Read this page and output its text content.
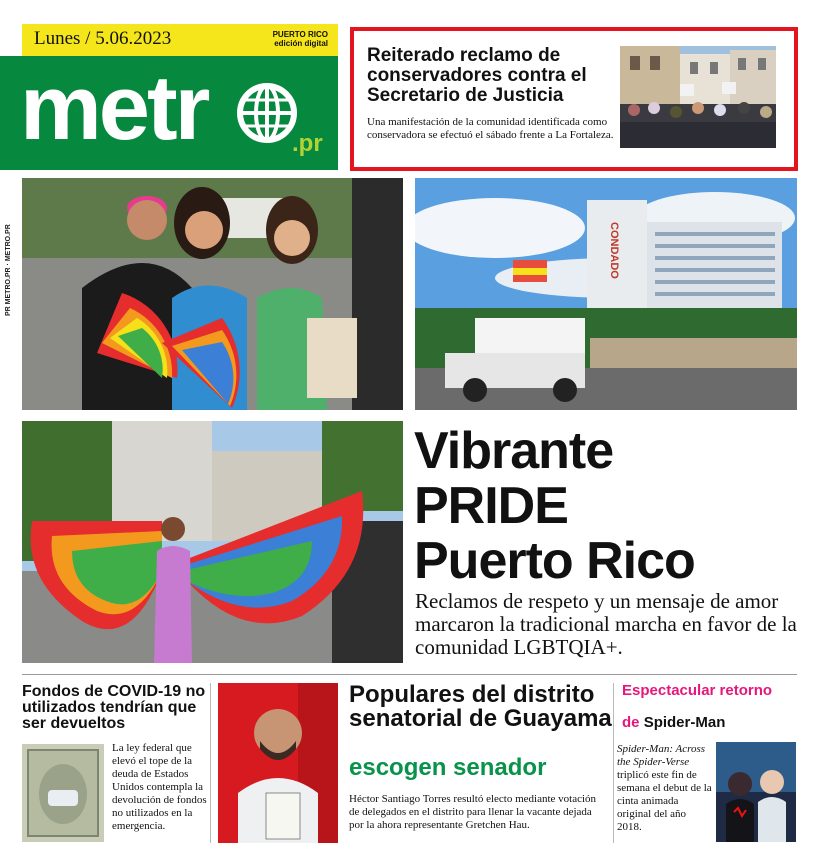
Lunes / 5.06.2023	PUERTO RICO
edición digital
metr	.pr
Reiterado reclamo de conservadores contra el Secretario de Justicia
Una manifestación de la comunidad identificada como conservadora se efectuó el sábado frente a La Fortaleza.
PR METRO.PR · METRO.PR	CONDADO
Vibrante
PRIDE
Puerto Rico
Reclamos de respeto y un mensaje de amor marcaron la tradicional marcha en favor de la comunidad LGBTQIA+.
Fondos de COVID-19 no utilizados tendrían que ser devueltos
La ley federal que elevó el tope de la deuda de Estados Unidos contempla la devolución de fondos no utilizados en la emergencia.
Populares del distrito senatorial de Guayama
escogen senador
Héctor Santiago Torres resultó electo mediante votación de delegados en el distrito para llenar la vacante dejada por la ahora representante Gretchen Hau.
Espectacular retorno
de Spider-Man
Spider-Man: Across the Spider-Verse triplicó este fin de semana el debut de la cinta animada original del año 2018.
